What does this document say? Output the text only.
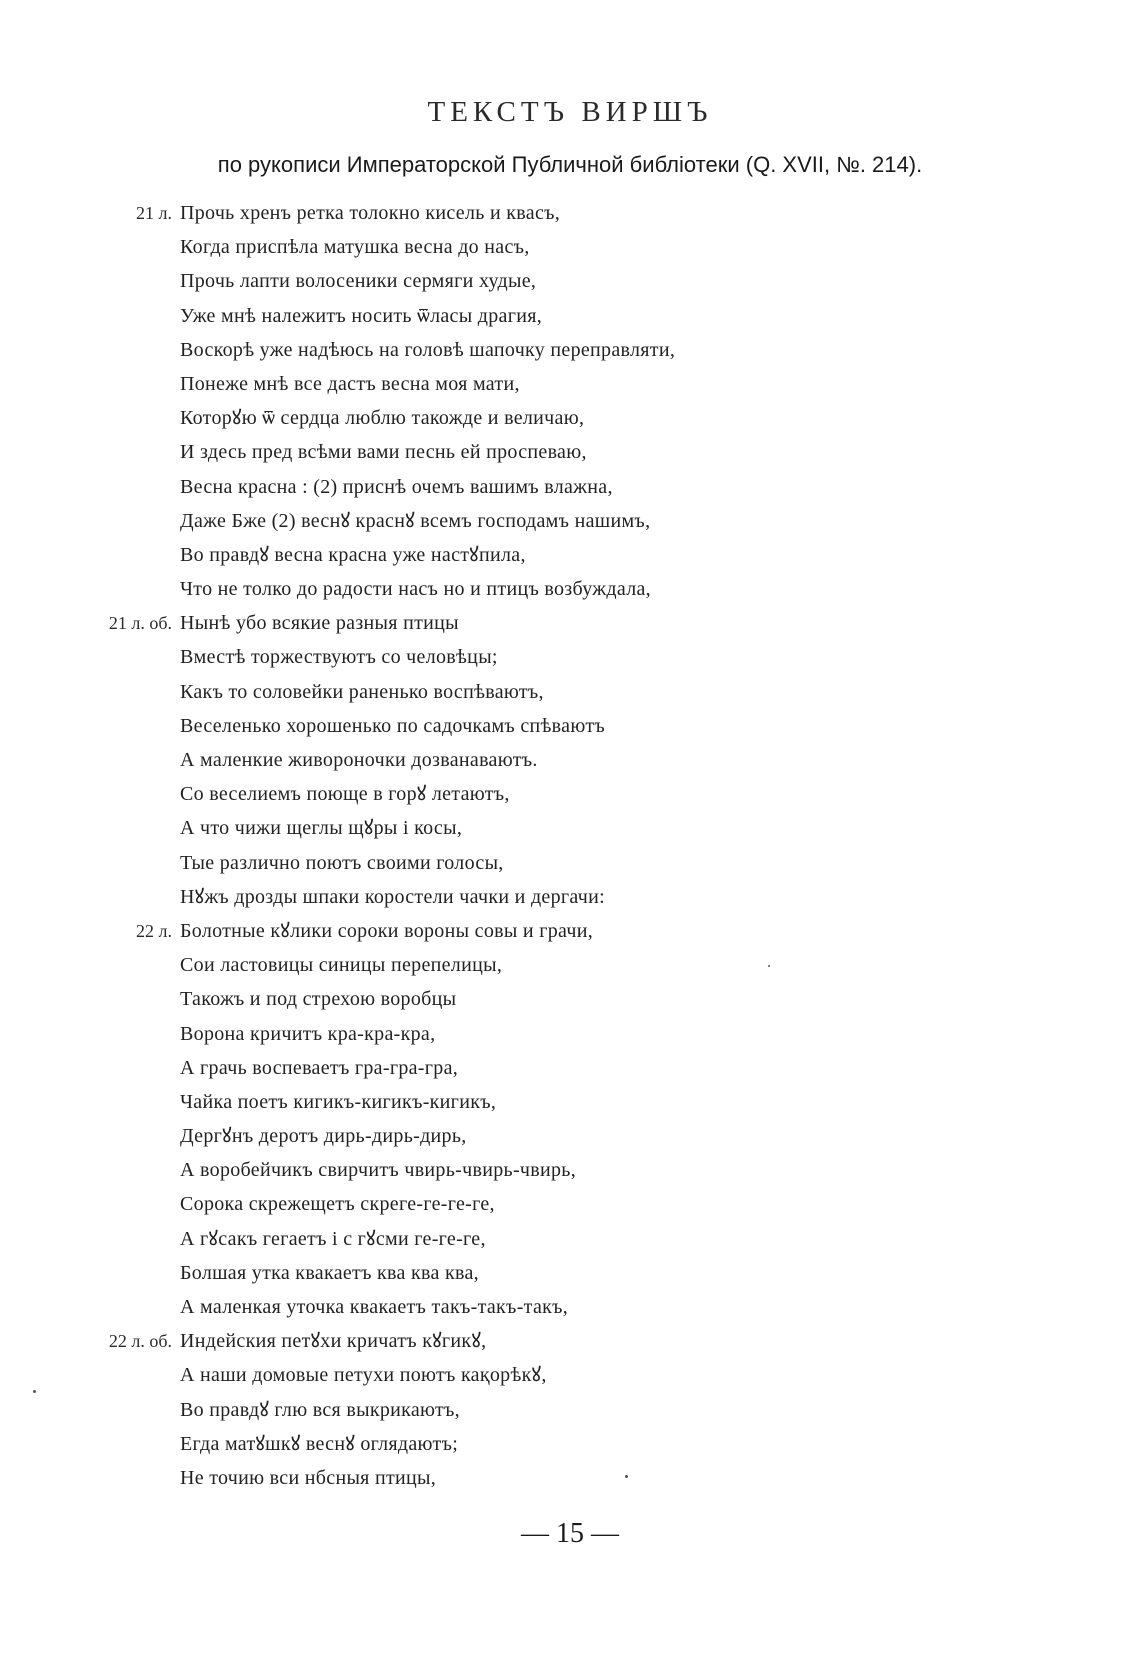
ТЕКСТЪ ВИРШЪ
по рукописи Императорской Публичной библіотеки (Q. XVII, №. 214).
21 л. Прочь хренъ ретка толокно кисель и квасъ,
Когда приспѣла матушка весна до насъ,
Прочь лапти волосеники сермяги худые,
Уже мнѣ належитъ носить ѿласы драгия,
Воскорѣ уже надѣюсь на головѣ шапочку переправляти,
Понеже мнѣ все дастъ весна моя мати,
Которꙋю ѿ сердца люблю такожде и величаю,
И здесь пред всѣми вами песнь ей проспеваю,
Весна красна : (2) приснѣ очемъ вашимъ влажна,
Даже Бже (2) веснꙋ краснꙋ всемъ господамъ нашимъ,
Во правдꙋ весна красна уже настꙋпила,
Что не толко до радости насъ но и птицъ возбуждала,
21 л. об. Нынѣ убо всякие разныя птицы
Вместѣ торжествуютъ со человѣцы;
Какъ то соловейки раненько воспѣваютъ,
Веселенько хорошенько по садочкамъ спѣваютъ
А маленкие живороночки дозванаваютъ.
Со веселиемъ поюще в горꙋ летаютъ,
А что чижи щеглы щꙋры і косы,
Тые различно поютъ своими голосы,
Нꙋжъ дрозды шпаки коростели чачки и дергачи:
22 л. Болотные кꙋлики сороки вороны совы и грачи,
Сои ластовицы синицы перепелицы,
Такожъ и под стрехою воробцы
Ворона кричитъ кра-кра-кра,
А грачь воспеваетъ гра-гра-гра,
Чайка поетъ кигикъ-кигикъ-кигикъ,
Дергꙋнъ деротъ дирь-дирь-дирь,
А воробейчикъ свирчитъ чвирь-чвирь-чвирь,
Сорока скрежещетъ скреге-ге-ге-ге,
А гꙋсакъ гегаетъ і с гꙋсми ге-ге-ге,
Болшая утка квакаетъ ква ква ква,
А маленкая уточка квакаетъ такъ-такъ-такъ,
22 л. об. Индейския петꙋхи кричатъ кꙋгикꙋ,
А наши домовые петухи поютъ кақорѣкꙋ,
Во правдꙋ глю вся выкрикаютъ,
Егда матꙋшкꙋ веснꙋ оглядаютъ;
Не точию вси нбсныя птицы,
— 15 —
